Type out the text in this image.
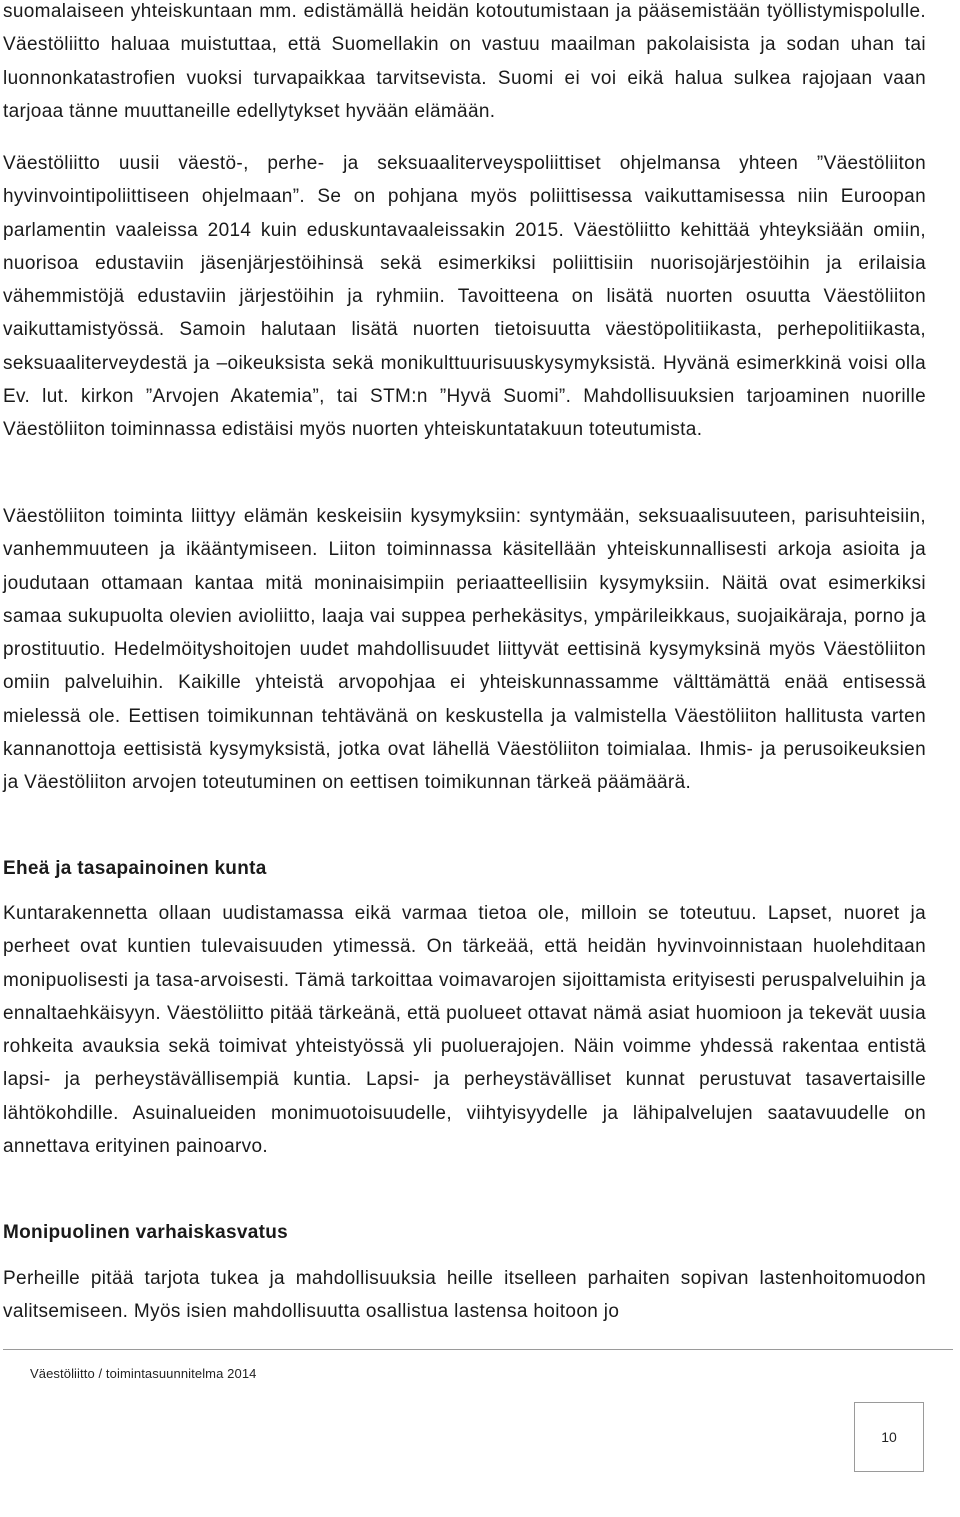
suomalaiseen yhteiskuntaan mm. edistämällä heidän kotoutumistaan ja pääsemistään työllistymispolulle. Väestöliitto haluaa muistuttaa, että Suomellakin on vastuu maailman pakolaisista ja sodan uhan tai luonnonkatastrofien vuoksi turvapaikkaa tarvitsevista. Suomi ei voi eikä halua sulkea rajojaan vaan tarjoaa tänne muuttaneille edellytykset hyvään elämään.

Väestöliitto uusii väestö-, perhe- ja seksuaaliterveyspoliittiset ohjelmansa yhteen ”Väestöliiton hyvinvointipoliittiseen ohjelmaan”. Se on pohjana myös poliittisessa vaikuttamisessa niin Euroopan parlamentin vaaleissa 2014 kuin eduskuntavaaleissakin 2015. Väestöliitto kehittää yhteyksiään omiin, nuorisoa edustaviin jäsenjärjestöihinsä sekä esimerkiksi poliittisiin nuorisojärjestöihin ja erilaisia vähemmistöjä edustaviin järjestöihin ja ryhmiin. Tavoitteena on lisätä nuorten osuutta Väestöliiton vaikuttamistyössä. Samoin halutaan lisätä nuorten tietoisuutta väestöpolitiikasta, perhepolitiikasta, seksuaaliterveydestä ja –oikeuksista sekä monikulttuurisuuskysymyksistä. Hyvänä esimerkkinä voisi olla Ev. lut. kirkon ”Arvojen Akatemia”, tai STM:n ”Hyvä Suomi”. Mahdollisuuksien tarjoaminen nuorille Väestöliiton toiminnassa edistäisi myös nuorten yhteiskuntatakuun toteutumista.

Väestöliiton toiminta liittyy elämän keskeisiin kysymyksiin: syntymään, seksuaalisuuteen, parisuhteisiin, vanhemmuuteen ja ikääntymiseen. Liiton toiminnassa käsitellään yhteiskunnallisesti arkoja asioita ja joudutaan ottamaan kantaa mitä moninaisimpiin periaatteellisiin kysymyksiin. Näitä ovat esimerkiksi samaa sukupuolta olevien avioliitto, laaja vai suppea perhekäsitys, ympärileikkaus, suojaikäraja, porno ja prostituutio. Hedelmöityshoitojen uudet mahdollisuudet liittyvät eettisinä kysymyksinä myös Väestöliiton omiin palveluihin. Kaikille yhteistä arvopohjaa ei yhteiskunnassamme välttämättä enää entisessä mielessä ole. Eettisen toimikunnan tehtävänä on keskustella ja valmistella Väestöliiton hallitusta varten kannanottoja eettisistä kysymyksistä, jotka ovat lähellä Väestöliiton toimialaa. Ihmis- ja perusoikeuksien ja Väestöliiton arvojen toteutuminen on eettisen toimikunnan tärkeä päämäärä.

Eheä ja tasapainoinen kunta

Kuntarakennetta ollaan uudistamassa eikä varmaa tietoa ole, milloin se toteutuu. Lapset, nuoret ja perheet ovat kuntien tulevaisuuden ytimessä. On tärkeää, että heidän hyvinvoinnistaan huolehditaan monipuolisesti ja tasa-arvoisesti. Tämä tarkoittaa voimavarojen sijoittamista erityisesti peruspalveluihin ja ennaltaehkäisyyn. Väestöliitto pitää tärkeänä, että puolueet ottavat nämä asiat huomioon ja tekevät uusia rohkeita avauksia sekä toimivat yhteistyössä yli puoluerajojen. Näin voimme yhdessä rakentaa entistä lapsi- ja perheystävällisempiä kuntia. Lapsi- ja perheystävälliset kunnat perustuvat tasavertaisille lähtökohdille. Asuinalueiden monimuotoisuudelle, viihtyisyydelle ja lähipalvelujen saatavuudelle on annettava erityinen painoarvo.

Monipuolinen varhaiskasvatus

Perheille pitää tarjota tukea ja mahdollisuuksia heille itselleen parhaiten sopivan lastenhoitomuodon valitsemiseen. Myös isien mahdollisuutta osallistua lastensa hoitoon jo

Väestöliitto / toimintasuunnitelma 2014
10
